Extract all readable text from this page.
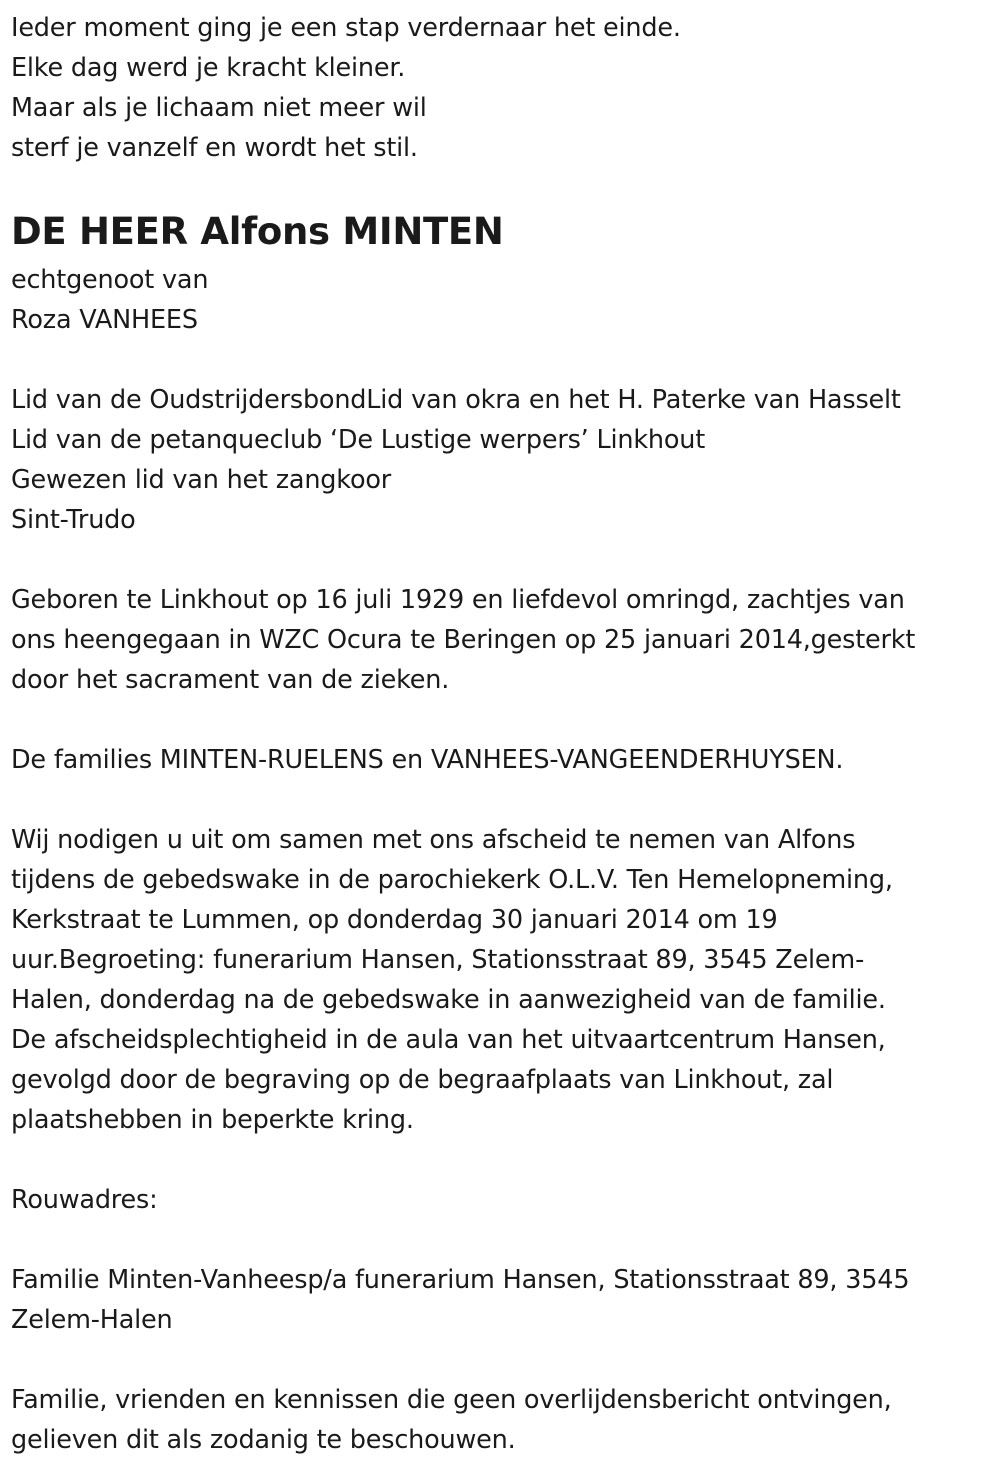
Ieder moment ging je een stap verdernaar het einde.
Elke dag werd je kracht kleiner.
Maar als je lichaam niet meer wil
sterf je vanzelf en wordt het stil.
DE HEER Alfons MINTEN
echtgenoot van
Roza VANHEES
Lid van de OudstrijdersbondLid van okra en het H. Paterke van Hasselt
Lid van de petanqueclub ‘De Lustige werpers’ Linkhout
Gewezen lid van het zangkoor
Sint-Trudo
Geboren te Linkhout op 16 juli 1929 en liefdevol omringd, zachtjes van
ons heengegaan in WZC Ocura te Beringen op 25 januari 2014,gesterkt
door het sacrament van de zieken.
De families MINTEN-RUELENS en VANHEES-VANGEENDERHUYSEN.
Wij nodigen u uit om samen met ons afscheid te nemen van Alfons
tijdens de gebedswake in de parochiekerk O.L.V. Ten Hemelopneming,
Kerkstraat te Lummen, op donderdag 30 januari 2014 om 19
uur.Begroeting: funerarium Hansen, Stationsstraat 89, 3545 Zelem-
Halen, donderdag na de gebedswake in aanwezigheid van de familie.
De afscheidsplechtigheid in de aula van het uitvaartcentrum Hansen,
gevolgd door de begraving op de begraafplaats van Linkhout, zal
plaatshebben in beperkte kring.
Rouwadres:
Familie Minten-Vanheesp/a funerarium Hansen, Stationsstraat 89, 3545
Zelem-Halen
Familie, vrienden en kennissen die geen overlijdensbericht ontvingen,
gelieven dit als zodanig te beschouwen.
